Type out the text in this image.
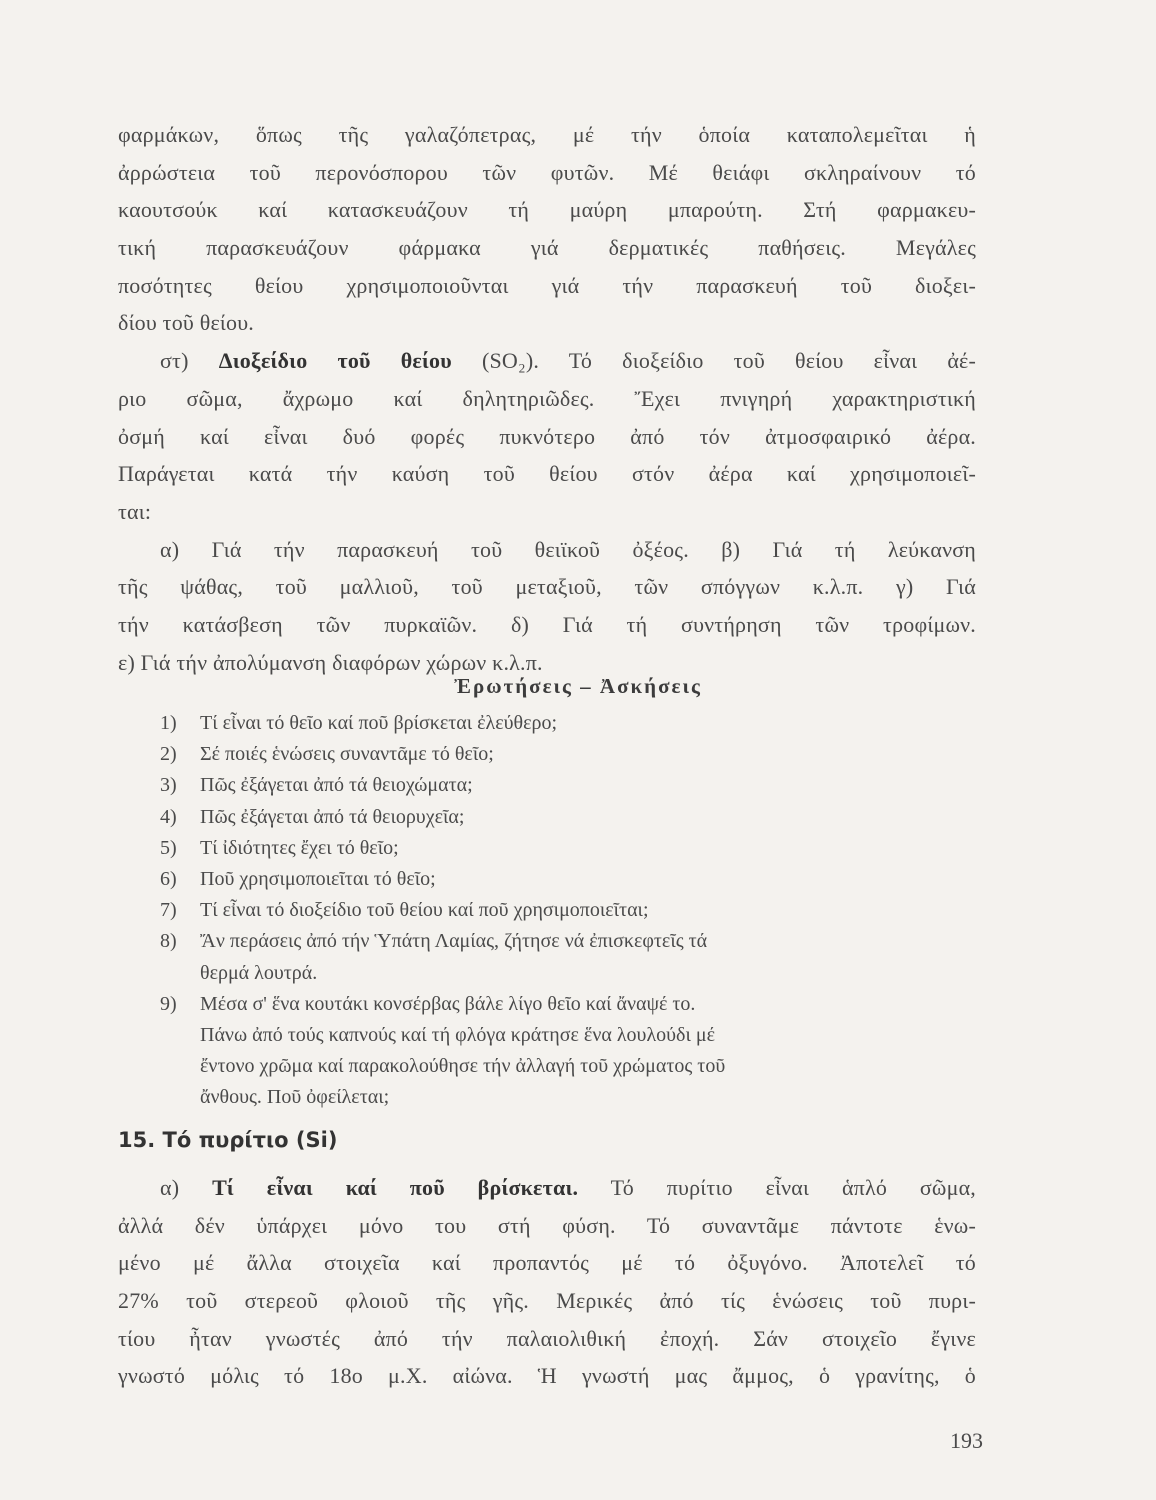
φαρμάκων, ὅπως τῆς γαλαζόπετρας, μέ τήν ὁποία καταπολεμεῖται ἡ
ἀρρώστεια τοῦ περονόσπορου τῶν φυτῶν. Μέ θειάφι σκληραίνουν τό
καουτσούκ καί κατασκευάζουν τή μαύρη μπαρούτη. Στή φαρμακευ-
τική παρασκευάζουν φάρμακα γιά δερματικές παθήσεις. Μεγάλες
ποσότητες θείου χρησιμοποιοῦνται γιά τήν παρασκευή τοῦ διοξει-
δίου τοῦ θείου.
στ) Διοξείδιο τοῦ θείου (SO₂). Τό διοξείδιο τοῦ θείου εἶναι ἀέ-
ριο σῶμα, ἄχρωμο καί δηλητηριῶδες. Ἔχει πνιγηρή χαρακτηριστική
ὀσμή καί εἶναι δυό φορές πυκνότερο ἀπό τόν ἀτμοσφαιρικό ἀέρα.
Παράγεται κατά τήν καύση τοῦ θείου στόν ἀέρα καί χρησιμοποιεῖ-
ται:
α) Γιά τήν παρασκευή τοῦ θειϊκοῦ ὀξέος. β) Γιά τή λεύκανση
τῆς ψάθας, τοῦ μαλλιοῦ, τοῦ μεταξιοῦ, τῶν σπόγγων κ.λ.π. γ) Γιά
τήν κατάσβεση τῶν πυρκαϊῶν. δ) Γιά τή συντήρηση τῶν τροφίμων.
ε) Γιά τήν ἀπολύμανση διαφόρων χώρων κ.λ.π.
Ἐρωτήσεις – Ἀσκήσεις
1) Τί εἶναι τό θεῖο καί ποῦ βρίσκεται ἐλεύθερο;
2) Σέ ποιές ἑνώσεις συναντᾶμε τό θεῖο;
3) Πῶς ἐξάγεται ἀπό τά θειοχώματα;
4) Πῶς ἐξάγεται ἀπό τά θειορυχεῖα;
5) Τί ἰδιότητες ἔχει τό θεῖο;
6) Ποῦ χρησιμοποιεῖται τό θεῖο;
7) Τί εἶναι τό διοξείδιο τοῦ θείου καί ποῦ χρησιμοποιεῖται;
8) Ἄν περάσεις ἀπό τήν Ὑπάτη Λαμίας, ζήτησε νά ἐπισκεφτεῖς τά
θερμά λουτρά.
9) Μέσα σ' ἕνα κουτάκι κονσέρβας βάλε λίγο θεῖο καί ἄναψέ το.
Πάνω ἀπό τούς καπνούς καί τή φλόγα κράτησε ἕνα λουλούδι μέ
ἔντονο χρῶμα καί παρακολούθησε τήν ἀλλαγή τοῦ χρώματος τοῦ
ἄνθους. Ποῦ ὀφείλεται;
15. Τό πυρίτιο (Si)
α) Τί εἶναι καί ποῦ βρίσκεται. Τό πυρίτιο εἶναι ἁπλό σῶμα,
ἀλλά δέν ὑπάρχει μόνο του στή φύση. Τό συναντᾶμε πάντοτε ἑνω-
μένο μέ ἄλλα στοιχεῖα καί προπαντός μέ τό ὀξυγόνο. Ἀποτελεῖ τό
27% τοῦ στερεοῦ φλοιοῦ τῆς γῆς. Μερικές ἀπό τίς ἑνώσεις τοῦ πυρι-
τίου ἦταν γνωστές ἀπό τήν παλαιολιθική ἐποχή. Σάν στοιχεῖο ἔγινε
γνωστό μόλις τό 18ο μ.Χ. αἰώνα. Ἡ γνωστή μας ἄμμος, ὁ γρανίτης, ὁ
193
